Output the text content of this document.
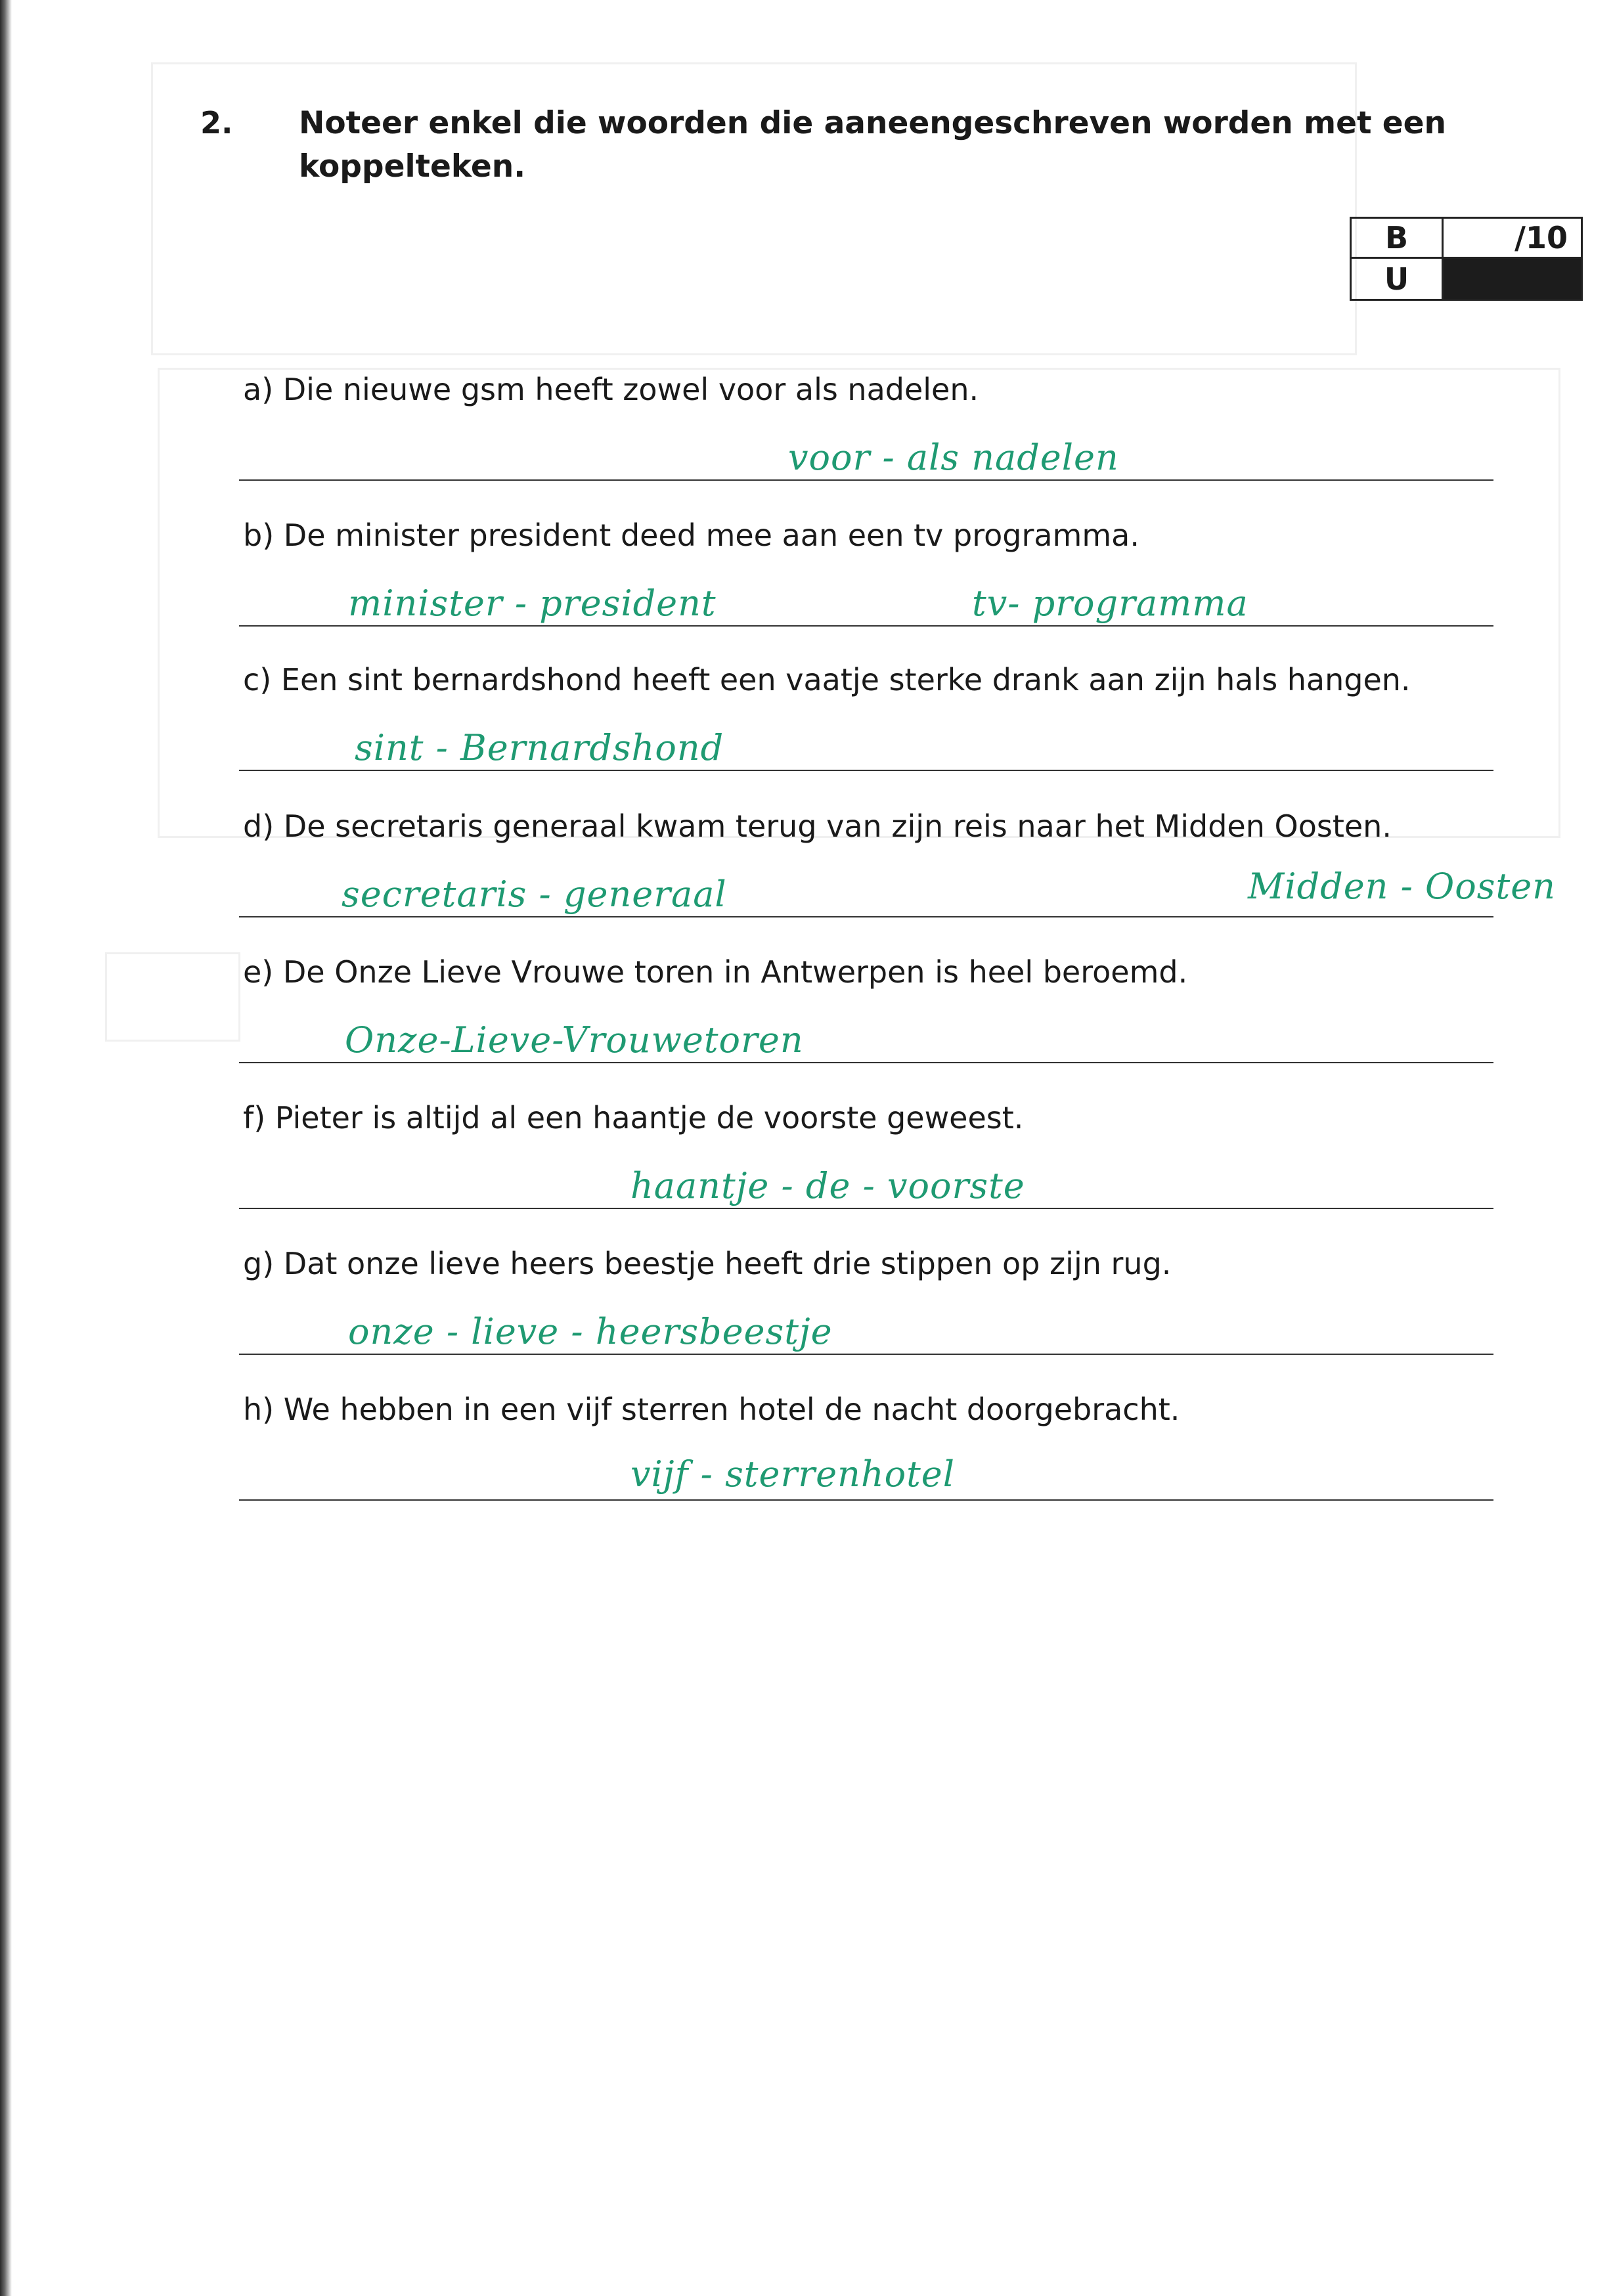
2. Noteer enkel die woorden die aaneengeschreven worden met een koppelteken.
B	/10
U
a) Die nieuwe gsm heeft zowel voor als nadelen.
voor - als nadelen
b) De minister president deed mee aan een tv programma.
minister - president	tv- programma
c) Een sint bernardshond heeft een vaatje sterke drank aan zijn hals hangen.
sint - Bernardshond
d) De secretaris generaal kwam terug van zijn reis naar het Midden Oosten.
secretaris - generaal	Midden - Oosten
e) De Onze Lieve Vrouwe toren in Antwerpen is heel beroemd.
Onze-Lieve-Vrouwetoren
f) Pieter is altijd al een haantje de voorste geweest.
haantje - de - voorste
g) Dat onze lieve heers beestje heeft drie stippen op zijn rug.
onze - lieve - heersbeestje
h) We hebben in een vijf sterren hotel de nacht doorgebracht.
vijf - sterrenhotel
